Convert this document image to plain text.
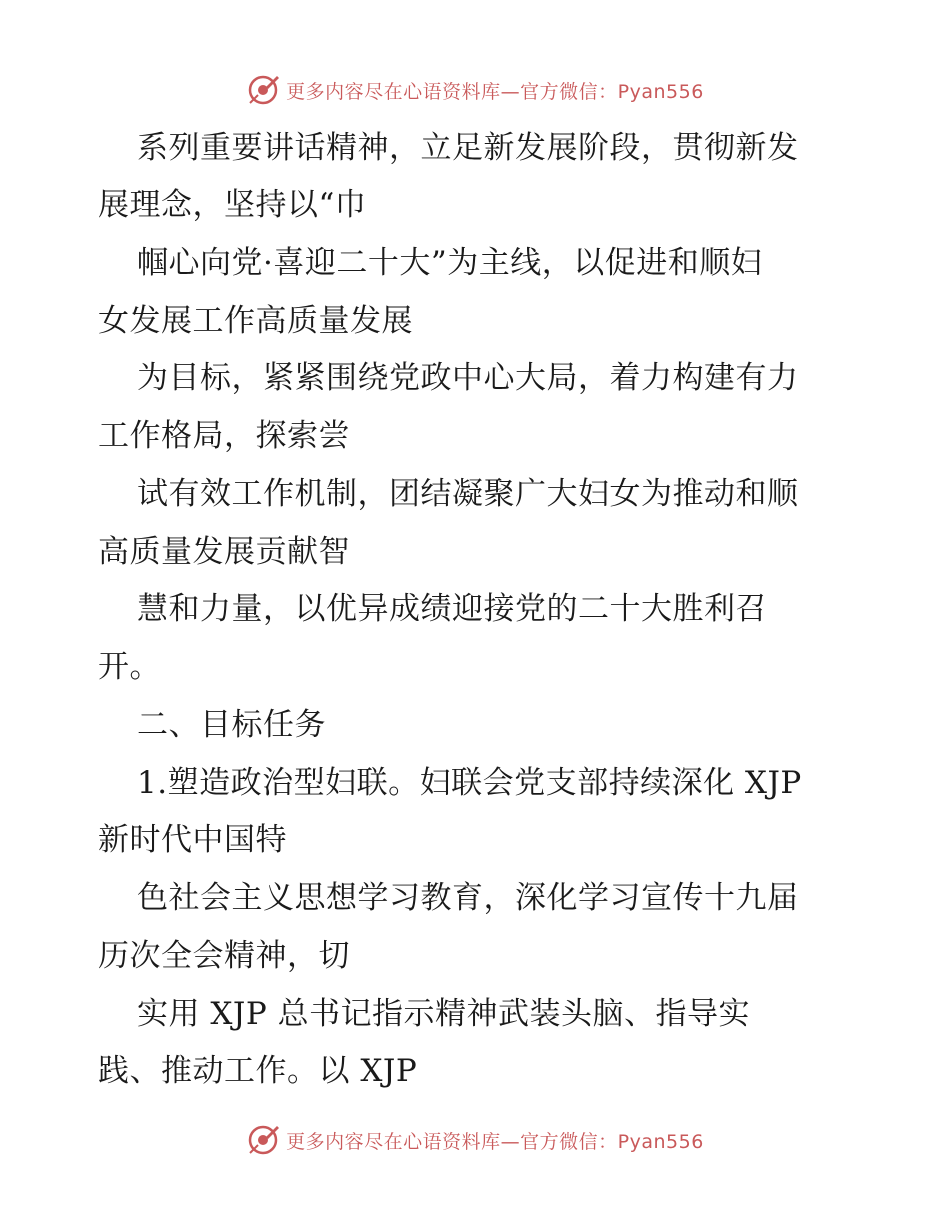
更多内容尽在心语资料库—官方微信：Pyan556
系列重要讲话精神，立足新发展阶段，贯彻新发
展理念，坚持以“巾
帼心向党·喜迎二十大”为主线，以促进和顺妇
女发展工作高质量发展
为目标，紧紧围绕党政中心大局，着力构建有力
工作格局，探索尝
试有效工作机制，团结凝聚广大妇女为推动和顺
高质量发展贡献智
慧和力量，以优异成绩迎接党的二十大胜利召
开。
二、目标任务
1.塑造政治型妇联。妇联会党支部持续深化 XJP
新时代中国特
色社会主义思想学习教育，深化学习宣传十九届
历次全会精神，切
实用 XJP 总书记指示精神武装头脑、指导实
践、推动工作。以 XJP
更多内容尽在心语资料库—官方微信：Pyan556
